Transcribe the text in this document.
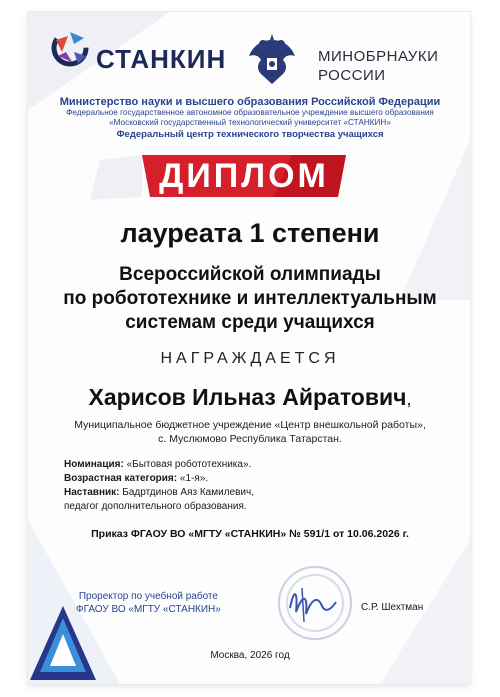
СТАНКИН	МИНОБРНАУКИ
РОССИИ
Министерство науки и высшего образования Российской Федерации
Федеральное государственное автономное образовательное учреждение высшего образования
«Московский государственный технологический университет «СТАНКИН»
Федеральный центр технического творчества учащихся
ДИПЛОМ
лауреата 1 степени
Всероссийской олимпиады
по робототехнике и интеллектуальным
системам среди учащихся
НАГРАЖДАЕТСЯ
Харисов Ильназ Айратович,
Муниципальное бюджетное учреждение «Центр внешкольной работы»,
с. Муслюмово Республика Татарстан.
Номинация: «Бытовая робототехника».
Возрастная категория: «1-я».
Наставник: Бадртдинов Аяз Камилевич,
педагог дополнительного образования.
Приказ ФГАОУ ВО «МГТУ «СТАНКИН» № 591/1 от 10.06.2026 г.
Проректор по учебной работе
ФГАОУ ВО «МГТУ «СТАНКИН»	С.Р. Шехтман
Москва, 2026 год
